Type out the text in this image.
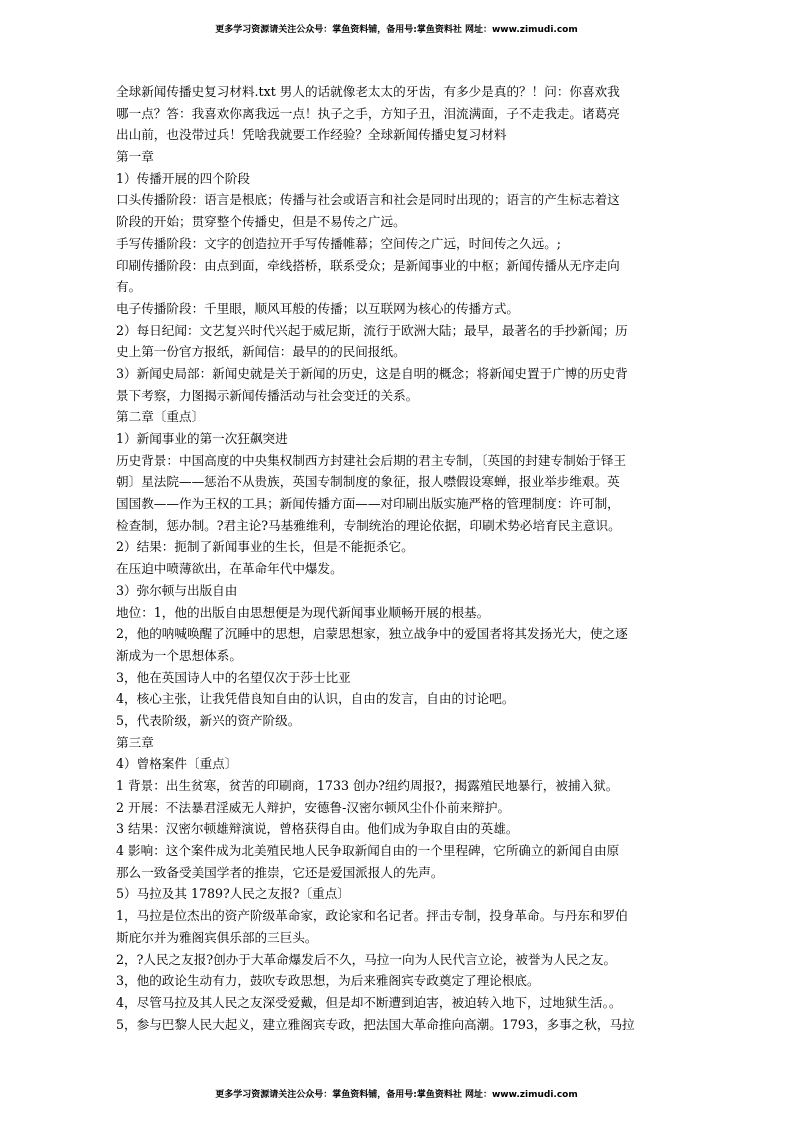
更多学习资源请关注公众号：掌鱼资料铺，备用号:掌鱼资料社 网址：www.zimudi.com

全球新闻传播史复习材料.txt 男人的话就像老太太的牙齿，有多少是真的？！问：你喜欢我

哪一点？答：我喜欢你离我远一点！执子之手，方知子丑，泪流满面，子不走我走。诸葛亮

出山前，也没带过兵！凭啥我就要工作经验？全球新闻传播史复习材料

第一章

1）传播开展的四个阶段

口头传播阶段：语言是根底；传播与社会或语言和社会是同时出现的；语言的产生标志着这

阶段的开始；贯穿整个传播史，但是不易传之广远。

手写传播阶段：文字的创造拉开手写传播帷幕；空间传之广远，时间传之久远。;

印刷传播阶段：由点到面，牵线搭桥，联系受众；是新闻事业的中枢；新闻传播从无序走向

有。

电子传播阶段：千里眼，顺风耳般的传播；以互联网为核心的传播方式。

2）每日纪闻：文艺复兴时代兴起于威尼斯，流行于欧洲大陆；最早，最著名的手抄新闻；历

史上第一份官方报纸，新闻信：最早的的民间报纸。

3）新闻史局部：新闻史就是关于新闻的历史，这是自明的概念；将新闻史置于广博的历史背

景下考察，力图揭示新闻传播活动与社会变迁的关系。

第二章〔重点〕

1）新闻事业的第一次狂飙突进

历史背景：中国高度的中央集权制西方封建社会后期的君主专制，〔英国的封建专制始于铎王

朝〕星法院——惩治不从贵族，英国专制制度的象征，报人噤假设寒蝉，报业举步维艰。英

国国教——作为王权的工具；新闻传播方面——对印刷出版实施严格的管理制度：许可制，

检查制，惩办制。?君主论?马基雅维利，专制统治的理论依据，印刷术势必培育民主意识。

2）结果：扼制了新闻事业的生长，但是不能扼杀它。

在压迫中喷薄欲出，在革命年代中爆发。

3）弥尔顿与出版自由

地位：1，他的出版自由思想便是为现代新闻事业顺畅开展的根基。

2，他的呐喊唤醒了沉睡中的思想，启蒙思想家，独立战争中的爱国者将其发扬光大，使之逐

渐成为一个思想体系。

3，他在英国诗人中的名望仅次于莎士比亚

4，核心主张，让我凭借良知自由的认识，自由的发言，自由的讨论吧。

5，代表阶级，新兴的资产阶级。

第三章

4）曾格案件〔重点〕

1 背景：出生贫寒，贫苦的印刷商，1733 创办?纽约周报?，揭露殖民地暴行，被捕入狱。

2 开展：不法暴君淫威无人辩护，安德鲁-汉密尔顿风尘仆仆前来辩护。

3 结果：汉密尔顿雄辩演说，曾格获得自由。他们成为争取自由的英雄。

4 影响：这个案件成为北美殖民地人民争取新闻自由的一个里程碑，它所确立的新闻自由原

那么一致备受美国学者的推崇，它还是爱国派报人的先声。

5）马拉及其 1789?人民之友报?〔重点〕

1，马拉是位杰出的资产阶级革命家，政论家和名记者。抨击专制，投身革命。与丹东和罗伯

斯庇尔并为雅阁宾俱乐部的三巨头。

2，?人民之友报?创办于大革命爆发后不久，马拉一向为人民代言立论，被誉为人民之友。

3，他的政论生动有力，鼓吹专政思想，为后来雅阁宾专政奠定了理论根底。

4，尽管马拉及其人民之友深受爱戴，但是却不断遭到迫害，被迫转入地下，过地狱生活。。

5，参与巴黎人民大起义，建立雅阁宾专政，把法国大革命推向高潮。1793，多事之秋，马拉

更多学习资源请关注公众号：掌鱼资料铺，备用号:掌鱼资料社 网址：www.zimudi.com
